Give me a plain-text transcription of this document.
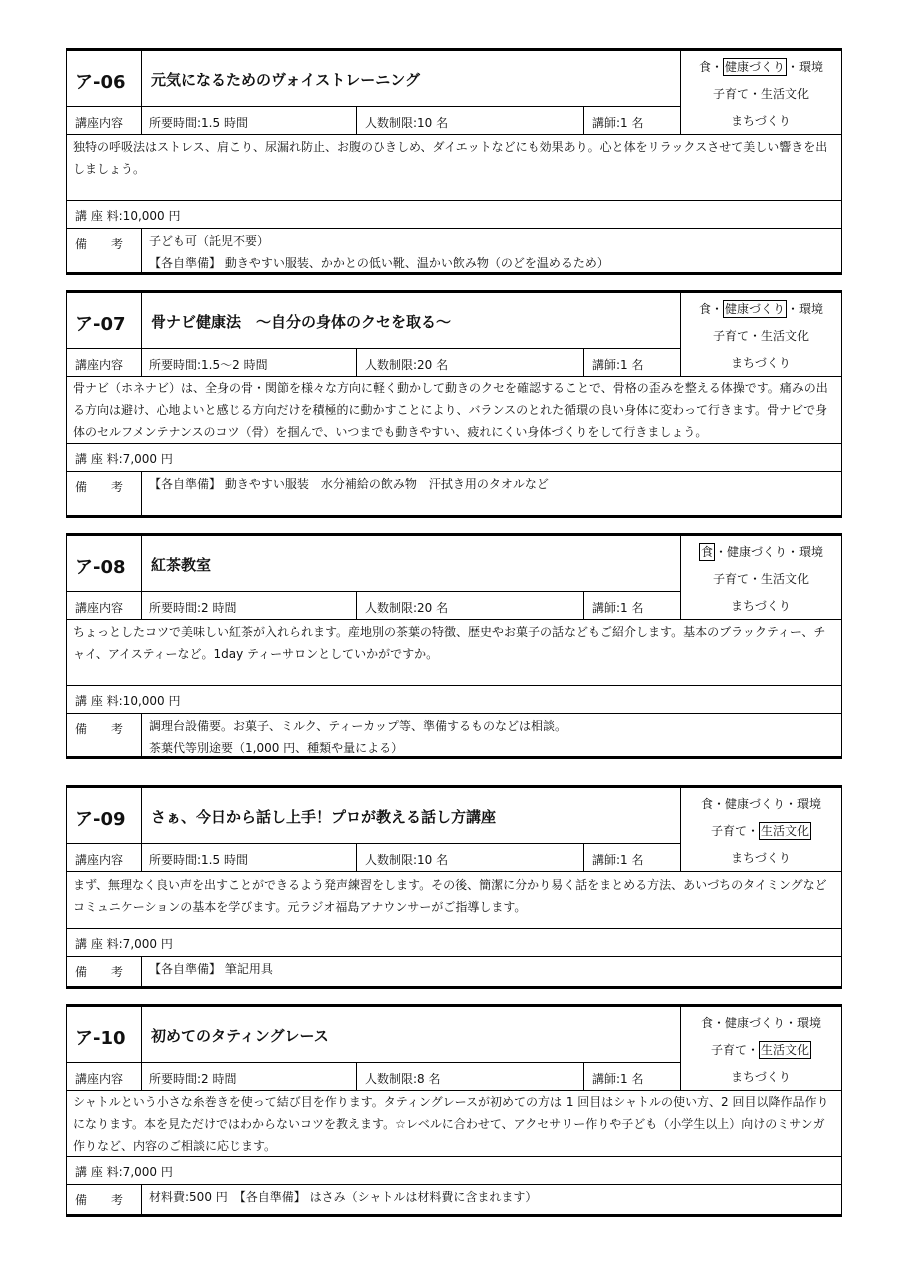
ア-06 元気になるためのヴォイストレーニング
食・ 健康づくり ・環境
子育て・生活文化
まちづくり
講座内容 所要時間:1.5 時間	人数制限:10 名	講師:1 名
独特の呼吸法はストレス、肩こり、尿漏れ防止、お腹のひきしめ、ダイエットなどにも効果あり。心と体をリラックスさせて美しい響きを出しましょう。
講 座 料:10,000 円
備　　考 子ども可（託児不要）
【各自準備】 動きやすい服装、かかとの低い靴、温かい飲み物（のどを温めるため）
ア-07 骨ナビ健康法　～自分の身体のクセを取る～
食・ 健康づくり ・環境
子育て・生活文化
まちづくり
講座内容 所要時間:1.5～2 時間	人数制限:20 名	講師:1 名
骨ナビ（ホネナビ）は、全身の骨・関節を様々な方向に軽く動かして動きのクセを確認することで、骨格の歪みを整える体操です。痛みの出る方向は避け、心地よいと感じる方向だけを積極的に動かすことにより、バランスのとれた循環の良い身体に変わって行きます。骨ナビで身体のセルフメンテナンスのコツ（骨）を掴んで、いつまでも動きやすい、疲れにくい身体づくりをして行きましょう。
講 座 料:7,000 円
備　　考 【各自準備】 動きやすい服装　水分補給の飲み物　汗拭き用のタオルなど
ア-08 紅茶教室
食 ・健康づくり・環境
子育て・生活文化
まちづくり
講座内容 所要時間:2 時間	人数制限:20 名	講師:1 名
ちょっとしたコツで美味しい紅茶が入れられます。産地別の茶葉の特徴、歴史やお菓子の話などもご紹介します。基本のブラックティー、チャイ、アイスティーなど。1day ティーサロンとしていかがですか。
講 座 料:10,000 円
備　　考 調理台設備要。お菓子、ミルク、ティーカップ等、準備するものなどは相談。
茶葉代等別途要（1,000 円、種類や量による）
ア-09 さぁ、今日から話し上手！プロが教える話し方講座
食・健康づくり・環境
子育て・ 生活文化
まちづくり
講座内容 所要時間:1.5 時間	人数制限:10 名	講師:1 名
まず、無理なく良い声を出すことができるよう発声練習をします。その後、簡潔に分かり易く話をまとめる方法、あいづちのタイミングなどコミュニケーションの基本を学びます。元ラジオ福島アナウンサーがご指導します。
講 座 料:7,000 円
備　　考 【各自準備】 筆記用具
ア-10 初めてのタティングレース
食・健康づくり・環境
子育て・ 生活文化
まちづくり
講座内容 所要時間:2 時間	人数制限:8 名	講師:1 名
シャトルという小さな糸巻きを使って結び目を作ります。タティングレースが初めての方は 1 回目はシャトルの使い方、2 回目以降作品作りになります。本を見ただけではわからないコツを教えます。☆レベルに合わせて、アクセサリー作りや子ども（小学生以上）向けのミサンガ作りなど、内容のご相談に応じます。
講 座 料:7,000 円
備　　考 材料費:500 円　【各自準備】 はさみ（シャトルは材料費に含まれます）
